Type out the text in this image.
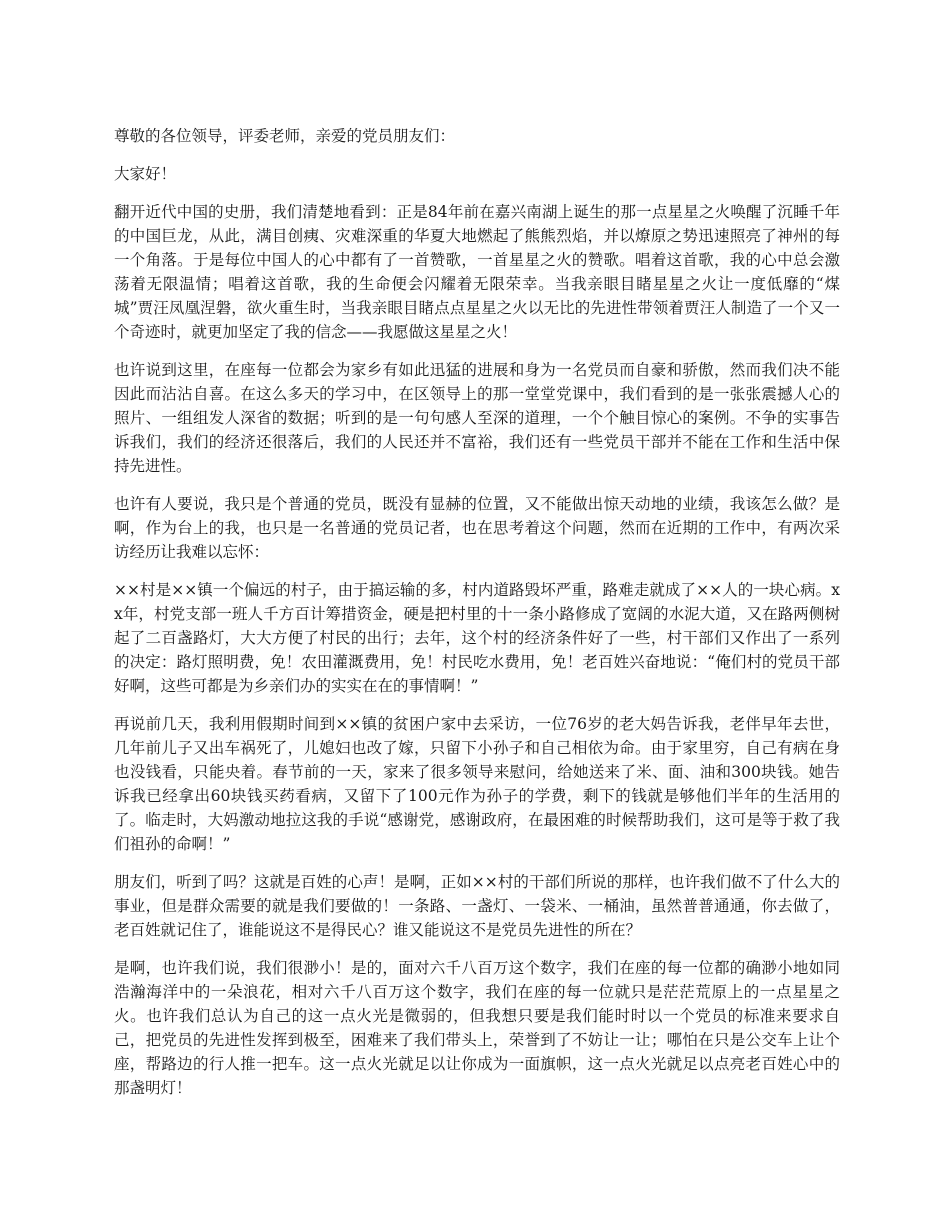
尊敬的各位领导，评委老师，亲爱的党员朋友们：

大家好！

翻开近代中国的史册，我们清楚地看到：正是84年前在嘉兴南湖上诞生的那一点星星之火唤醒了沉睡千年的中国巨龙，从此，满目创痍、灾难深重的华夏大地燃起了熊熊烈焰，并以燎原之势迅速照亮了神州的每一个角落。于是每位中国人的心中都有了一首赞歌，一首星星之火的赞歌。唱着这首歌，我的心中总会激荡着无限温情；唱着这首歌，我的生命便会闪耀着无限荣幸。当我亲眼目睹星星之火让一度低靡的“煤城”贾汪凤凰涅磐，欲火重生时，当我亲眼目睹点点星星之火以无比的先进性带领着贾汪人制造了一个又一个奇迹时，就更加坚定了我的信念——我愿做这星星之火！

也许说到这里，在座每一位都会为家乡有如此迅猛的进展和身为一名党员而自豪和骄傲，然而我们决不能因此而沾沾自喜。在这么多天的学习中，在区领导上的那一堂堂党课中，我们看到的是一张张震撼人心的照片、一组组发人深省的数据；听到的是一句句感人至深的道理，一个个触目惊心的案例。不争的实事告诉我们，我们的经济还很落后，我们的人民还并不富裕，我们还有一些党员干部并不能在工作和生活中保持先进性。

也许有人要说，我只是个普通的党员，既没有显赫的位置，又不能做出惊天动地的业绩，我该怎么做？是啊，作为台上的我，也只是一名普通的党员记者，也在思考着这个问题，然而在近期的工作中，有两次采访经历让我难以忘怀：

××村是××镇一个偏远的村子，由于搞运输的多，村内道路毁坏严重，路难走就成了××人的一块心病。xx年，村党支部一班人千方百计筹措资金，硬是把村里的十一条小路修成了宽阔的水泥大道，又在路两侧树起了二百盏路灯，大大方便了村民的出行；去年，这个村的经济条件好了一些，村干部们又作出了一系列的决定：路灯照明费，免！农田灌溉费用，免！村民吃水费用，免！老百姓兴奋地说：“俺们村的党员干部好啊，这些可都是为乡亲们办的实实在在的事情啊！”

再说前几天，我利用假期时间到××镇的贫困户家中去采访，一位76岁的老大妈告诉我，老伴早年去世，几年前儿子又出车祸死了，儿媳妇也改了嫁，只留下小孙子和自己相依为命。由于家里穷，自己有病在身也没钱看，只能央着。春节前的一天，家来了很多领导来慰问，给她送来了米、面、油和300块钱。她告诉我已经拿出60块钱买药看病，又留下了100元作为孙子的学费，剩下的钱就是够他们半年的生活用的了。临走时，大妈激动地拉这我的手说“感谢党，感谢政府，在最困难的时候帮助我们，这可是等于救了我们祖孙的命啊！”

朋友们，听到了吗？这就是百姓的心声！是啊，正如××村的干部们所说的那样，也许我们做不了什么大的事业，但是群众需要的就是我们要做的！一条路、一盏灯、一袋米、一桶油，虽然普普通通，你去做了，老百姓就记住了，谁能说这不是得民心？谁又能说这不是党员先进性的所在？

是啊，也许我们说，我们很渺小！是的，面对六千八百万这个数字，我们在座的每一位都的确渺小地如同浩瀚海洋中的一朵浪花，相对六千八百万这个数字，我们在座的每一位就只是茫茫荒原上的一点星星之火。也许我们总认为自己的这一点火光是微弱的，但我想只要是我们能时时以一个党员的标准来要求自己，把党员的先进性发挥到极至，困难来了我们带头上，荣誉到了不妨让一让；哪怕在只是公交车上让个座，帮路边的行人推一把车。这一点火光就足以让你成为一面旗帜，这一点火光就足以点亮老百姓心中的那盏明灯！
